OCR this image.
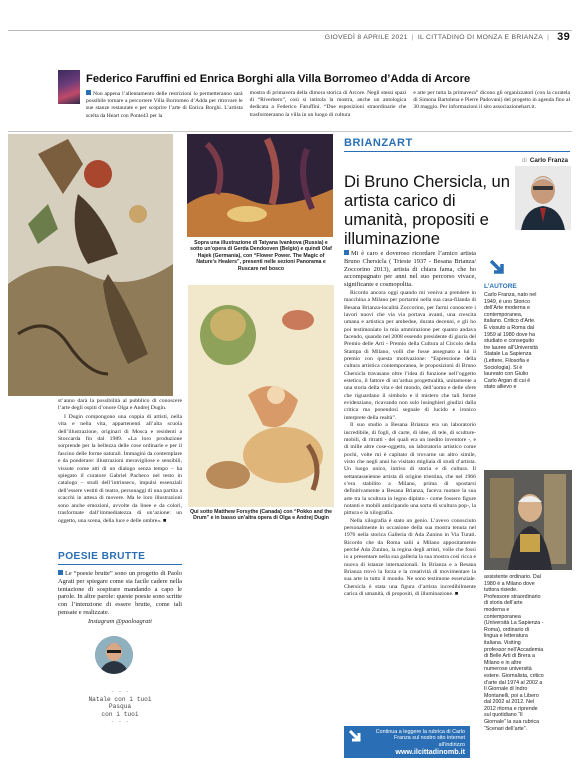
GIOVEDÌ 8 APRILE 2021 | IL CITTADINO DI MONZA E BRIANZA | 39
Federico Faruffini ed Enrica Borghi alla Villa Borromeo d’Adda di Arcore

Non appena l’allentamento delle restrizioni lo permetteranno sarà possibile tornare a percorrere Villa Borromeo d’Adda per ritrovare le sue stanze restaurate e per scoprire l’arte di Enrica Borghi. L’artista scelta da Heart con Ponte43 per la

mostra di primavera della dimora storica di Arcore. Negli stessi spazi di “Riverbero”, così si intitola la mostra, anche un antologica dedicata a Federico Faruffini. “Due esposizioni straordinarie che trasformeranno la villa in un luogo di cultura

e arte per tutta la primavera” dicono gli organizzatori (con la curatela di Simona Bartolena e Pierre Padovani) del progetto in agenda fino al 30 maggio. Per informazioni il sito associazionehart.it.

st’anno darà la possibilità al pubblico di conoscere l’arte degli ospiti d’onore Olga e Andrej Dugin.

I Dugin compongono una coppia di artisti, nella vita e nella vita, appartenenti all’alta scuola dell’illustrazione, originari di Mosca e residenti a Stoccarda fin dal 1989. «La loro produzione sorprende per la bellezza delle cose ordinarie e per il fascino delle forme naturali. Immagini da contemplare e da ponderare: illustrazioni meravigliose e sensibili, vissute come atti di un dialogo senza tempo – ha spiegato il curatore Gabriel Pacheco nel testo in catalogo – studi dell’intrinseco, impulsi essenziali dell’essere vestiti di teatro, personaggi di una partita a scacchi in attesa di movere. Ma le loro illustrazioni sono anche emozioni, avvolte da linee e da colori, trasformate dall’immediatezza di un’azione: un oggetto, una scena, della luce e delle ombre». ■

Sopra una illustrazione di Tatyana Ivankova (Russia) e sotto un’opera di Gerda Dendooven (Belgio) e quindi Olaf Hajek (Germania), con “Flower Power. The Magic of Nature’s Healers”, presenti nelle sezioni Panorama e Ruscare nel bosco
Qui sotto Matthew Forsythe (Canada) con “Pokko and the Drum” e in basso un’altra opera di Olga e Andrej Dugin
BRIANZART
di Carlo Franza
Di Bruno Chersicla, un artista carico di umanità, propositi e illuminazione

Mi è caro e doveroso ricordare l’amico artista Bruno Chersicla ( Trieste 1937 - Besana Brianza/ Zoccorino 2013), artista di chiara fama, che ho accompagnato per anni nel suo percorso vivace, significante e cosmopolita.

Ricordo ancora oggi quando mi veniva a prendere in macchina a Milano per portarmi nella sua casa-filanda di Besana Brianza-località Zoccorino, per farmi conoscere i lavori nuovi che via via portava avanti, una crescita umana e artistica per ambedue, durata decenni, e gli ho poi testimoniato la mia ammirazione per quanto andava facendo, quando nel 2008 essendo presidente di giuria del Premio delle Arti - Premio della Cultura al Circolo della Stampa di Milano, volli che fosse assegnato a lui il premio con questa motivazione: “Espressione della cultura artistica contemporanea, le proposizioni di Bruno Chersicla travasano oltre l’idea di funzione nell’oggetto estetico, il fattore di un’ardua progettualità, unitamente a una storia della vita e del mondo, dell’uomo e delle sfere che riguardano il simbolo e il mistero che tali forme evidenziano, ricavando non solo lusinghieri giudizi dalla critica ma ponendosi segnale di lucido e ironico interprete della realtà”.

Il suo studio a Besana Brianza era un laboratorio incredibile, di fogli, di carte, di idee, di tele, di sculture-mobili, di ritratti - dei quali era un inedito inventore -, e di mille altre cose-oggetto, un laboratorio artistico come pochi, volte mi è capitato di trovarne un altro simile, visto che negli anni ho visitato migliaia di studi d’artista. Un luogo unico, intriso di storia e di cultura. Il settantasseienne artista di origine triestina, che nel 1966 s’era stabilito a Milano, prima di spostarsi definitivamente a Besana Brianza, faceva ruotare la sua arte tra la scultura in legno dipinto - come fossero figure notanti e mobili anticipando una sorta di scultura pop-, la pittura e la xilografia.

Nella xilografia è stato un genio. L’avevo conosciuto personalmente in occasione della sua mostra tenuta nel 1976 nella storica Galleria di Ada Zunino in Via Turati. Ricordo che da Roma salii a Milano appositamente perché Ada Zunino, la regina degli artisti, volle che fossi io a presentare nella sua galleria la sua mostra così ricca e nuova di istanze internazionali. In Brianza e a Besana Brianza trovò la forza e la creatività di movimentare la sua arte in tutto il mondo. Ne sono testimone essenziale. Chersicla è stata una figura d’artista incredibilmente carica di umanità, di propositi, di illuminazione. ■

L’AUTORE
Carlo Franza, nato nel 1949, è uno Storico dell’Arte moderna e contemporanea, italiano. Critico d’Arte. È vissuto a Roma dal 1959 al 1980 dove ha studiato e conseguito tre lauree all’Università Statale La Sapienza (Lettere, Filosofia e Sociologia). Si è laureato con Giulio Carlo Argan di cui è stato allievo e
assistente ordinario. Dal 1980 è a Milano dove tuttora risiede. Professore straordinario di storia dell’arte moderna e contemporanea (Università La Sapienza -Roma), ordinario di lingua e letteratura italiana. Visiting professor nell’Accademia di Belle Arti di Brera a Milano e in altre numerose università estere. Giornalista, critico d’arte dal 1974 al 2002 a Il Giornale di Indro Montanelli, poi a Libero dal 2002 al 2012. Nel 2012 ritorna e riprende sul quotidiano “Il Giornale” la sua rubrica “Scenari dell’arte”.
Continua a leggere la rubrica di Carlo Franza sul nostro sito internet all’indirizzo
www.ilcittadinomb.it
POESIE BRUTTE
Le “poesie brutte” sono un progetto di Paolo Agrati per spiegare come sia facile cadere nella tentazione di sospirare mandando a capo le parole. In altre parole: queste poesie sono scritte con l’intenzione di essere brutte, come tali pensate e realizzate.
Instagram @paoloagrati
- - -
Natale con i tuoi
Pasqua
con i tuoi
- - -
